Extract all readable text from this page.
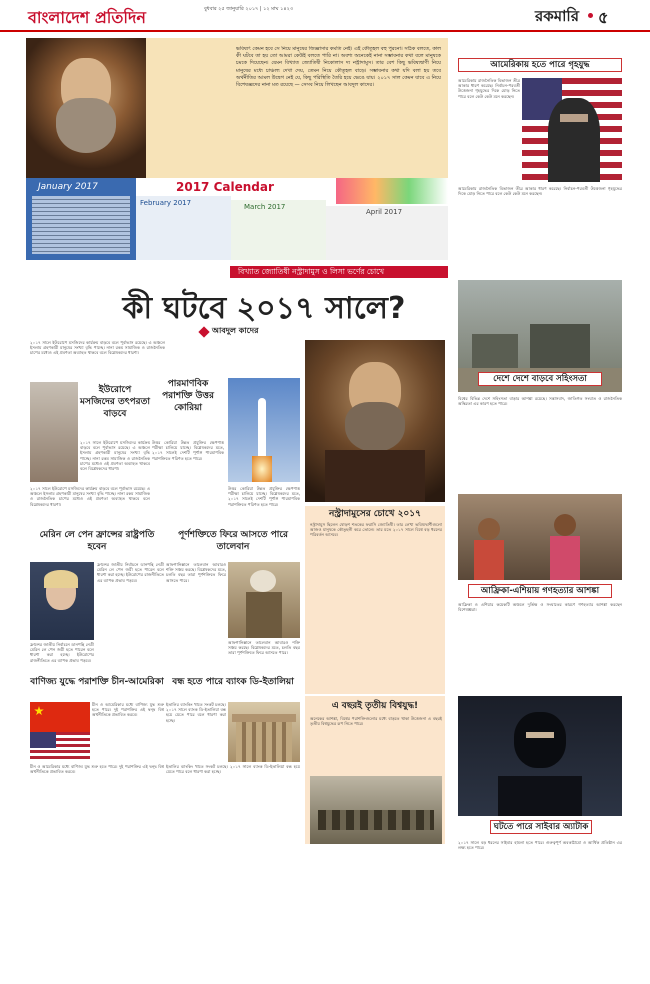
বাংলাদেশ প্রতিদিন	বুধবার ২৫ জানুয়ারি ২০১৭ | ১২ মাঘ ১৪২৩	রকমারি ৫
ভবিষ্যৎ কেমন হবে সে নিয়ে মানুষের জিজ্ঞাসার কমতি নেই। এই কৌতূহল বহু পুরনো। সঠিক বলতে, কাল কী ঘটবে তা হয় তো আমরা কেউই বলতে পারি না। অবশ্য অনেকেই নানা সম্ভাবনার কথা বলে মানুষকে চমকে দিয়েছেন। যেমন বিখ্যাত জ্যোতিষী নিকোলাস দ্য নস্ট্রাদামুস। তার বেশ কিছু ভবিষ্যদ্বাণী নিয়ে মানুষের মধ্যে চাঞ্চল্য দেখা দেয়, তেমন নিয়ে কৌতূহল বাড়ে। সম্ভাবনার কথা যদি বলা হয় তবে অর্থনীতির আমল উদ্বেগ নেই যে, কিছু পরিস্থিতি তৈরি হয়ে ভেঙে যায়। ২০১৭ সাল কেমন যাবে এ নিয়ে বিশেষজ্ঞদের নানা মত রয়েছে — সেসব নিয়ে লিখছেন আবদুল কাদের।
January 2017
February 2017
2017 Calendar
March 2017
April 2017
বিখ্যাত জ্যোতিষী নস্ট্রাদামুস ও লিসা ভর্ণের চোখে
কী ঘটবে ২০১৭ সালে?
আবদুল কাদের
২০১৭ সালে ইউরোপে মসজিদের কার্যক্রম বাড়বে বলে পূর্বাভাস রয়েছে। এ অঞ্চলে ইসলাম গ্রহণকারী মানুষের সংখ্যা বৃদ্ধি পাচ্ছে। নানা রকম সামাজিক ও রাজনৈতিক চাপের মধ্যেও এই প্রবণতা অব্যাহত থাকবে বলে বিশ্লেষকদের ধারণা।
ইউরোপে মসজিদের তৎপরতা বাড়বে
২০১৭ সালে ইউরোপে মসজিদের কার্যক্রম বাড়বে বলে পূর্বাভাস রয়েছে। এ অঞ্চলে ইসলাম গ্রহণকারী মানুষের সংখ্যা বৃদ্ধি পাচ্ছে। নানা রকম সামাজিক ও রাজনৈতিক চাপের মধ্যেও এই প্রবণতা অব্যাহত থাকবে বলে বিশ্লেষকদের ধারণা।
২০১৭ সালে ইউরোপে মসজিদের কার্যক্রম বাড়বে বলে পূর্বাভাস রয়েছে। এ অঞ্চলে ইসলাম গ্রহণকারী মানুষের সংখ্যা বৃদ্ধি পাচ্ছে। নানা রকম সামাজিক ও রাজনৈতিক চাপের মধ্যেও এই প্রবণতা অব্যাহত থাকবে বলে বিশ্লেষকদের ধারণা।
পারমাণবিক পরাশক্তি উত্তর কোরিয়া
উত্তর কোরিয়া উন্নত প্রযুক্তির ক্ষেপণাস্ত্র পরীক্ষা চালিয়ে যাচ্ছে। বিশ্লেষকদের মতে, ২০১৭ সালেই দেশটি পূর্ণাঙ্গ পারমাণবিক পরাশক্তিতে পরিণত হতে পারে।
উত্তর কোরিয়া উন্নত প্রযুক্তির ক্ষেপণাস্ত্র পরীক্ষা চালিয়ে যাচ্ছে। বিশ্লেষকদের মতে, ২০১৭ সালেই দেশটি পূর্ণাঙ্গ পারমাণবিক পরাশক্তিতে পরিণত হতে পারে।
মেরিন লে পেন ফ্রান্সের রাষ্ট্রপতি হবেন
ফ্রান্সের জাতীয় নির্বাচনে ডানপন্থি নেত্রী মেরিন লে পেন জয়ী হতে পারেন বলে ধারণা করা হচ্ছে। ইউরোপের রাজনীতিতে এর ব্যাপক প্রভাব পড়বে।
ফ্রান্সের জাতীয় নির্বাচনে ডানপন্থি নেত্রী মেরিন লে পেন জয়ী হতে পারেন বলে ধারণা করা হচ্ছে। ইউরোপের রাজনীতিতে এর ব্যাপক প্রভাব পড়বে।
পূর্ণশক্তিতে ফিরে আসতে পারে তালেবান
আফগানিস্তানে তালেবান আবারও শক্তি সঞ্চয় করছে। বিশ্লেষকদের মতে, চলতি বছর তারা পূর্ণশক্তিতে ফিরে আসতে পারে।
আফগানিস্তানে তালেবান আবারও শক্তি সঞ্চয় করছে। বিশ্লেষকদের মতে, চলতি বছর তারা পূর্ণশক্তিতে ফিরে আসতে পারে।
বাণিজ্য যুদ্ধে পরাশক্তি চীন-আমেরিকা
চীন ও আমেরিকার মধ্যে বাণিজ্য যুদ্ধ শুরু হতে পারে। দুই পরাশক্তির এই দ্বন্দ্ব বিশ্ব অর্থনীতিকে প্রভাবিত করবে।
চীন ও আমেরিকার মধ্যে বাণিজ্য যুদ্ধ শুরু হতে পারে। দুই পরাশক্তির এই দ্বন্দ্ব বিশ্ব অর্থনীতিকে প্রভাবিত করবে।
বন্ধ হতে পারে ব্যাংক ডি-ইতালিয়া
ইতালির ব্যাংকিং খাতে সংকট চলছে। ২০১৭ সালে ব্যাংক ডি-ইতালিয়া বন্ধ হয়ে যেতে পারে বলে ধারণা করা হচ্ছে।
ইতালির ব্যাংকিং খাতে সংকট চলছে। ২০১৭ সালে ব্যাংক ডি-ইতালিয়া বন্ধ হয়ে যেতে পারে বলে ধারণা করা হচ্ছে।
নস্ট্রাদামুসের চোখে ২০১৭
নস্ট্রাদামুস ছিলেন ষোড়শ শতকের ফরাসি জ্যোতিষী। তার লেখা ভবিষ্যদ্বাণীগুলো আজও মানুষকে কৌতূহলী করে তোলে। তার মতে ২০১৭ সালে বিশ্বে বড় ধরনের পরিবর্তন আসবে।
এ বছরই তৃতীয় বিশ্বযুদ্ধ!
অনেকের আশঙ্কা, বিশ্বের পরাশক্তিগুলোর মধ্যে বাড়তে থাকা উত্তেজনা এ বছরই তৃতীয় বিশ্বযুদ্ধের রূপ নিতে পারে।
আমেরিকায় হতে পারে গৃহযুদ্ধ
আমেরিকায় রাজনৈতিক বিভাজন তীব্র আকার ধারণ করেছে। নির্বাচন-পরবর্তী উত্তেজনা গৃহযুদ্ধের দিকে মোড় নিতে পারে বলে কেউ কেউ মনে করছেন।
আমেরিকায় রাজনৈতিক বিভাজন তীব্র আকার ধারণ করেছে। নির্বাচন-পরবর্তী উত্তেজনা গৃহযুদ্ধের দিকে মোড় নিতে পারে বলে কেউ কেউ মনে করছেন।
দেশে দেশে বাড়বে সহিংসতা
বিশ্বের বিভিন্ন দেশে সহিংসতা বাড়ার আশঙ্কা রয়েছে। সন্ত্রাসবাদ, জাতিগত সংঘাত ও রাজনৈতিক অস্থিরতা এর কারণ হতে পারে।
আফ্রিকা-এশিয়ায় গণহত্যার আশঙ্কা
আফ্রিকা ও এশিয়ার কয়েকটি অঞ্চলে দুর্ভিক্ষ ও সংঘাতের কারণে গণহত্যার আশঙ্কা করছেন বিশেষজ্ঞরা।
ঘটতে পারে সাইবার অ্যাটাক
২০১৭ সালে বড় ধরনের সাইবার হামলা হতে পারে। গুরুত্বপূর্ণ অবকাঠামো ও আর্থিক প্রতিষ্ঠান এর লক্ষ্য হতে পারে।
